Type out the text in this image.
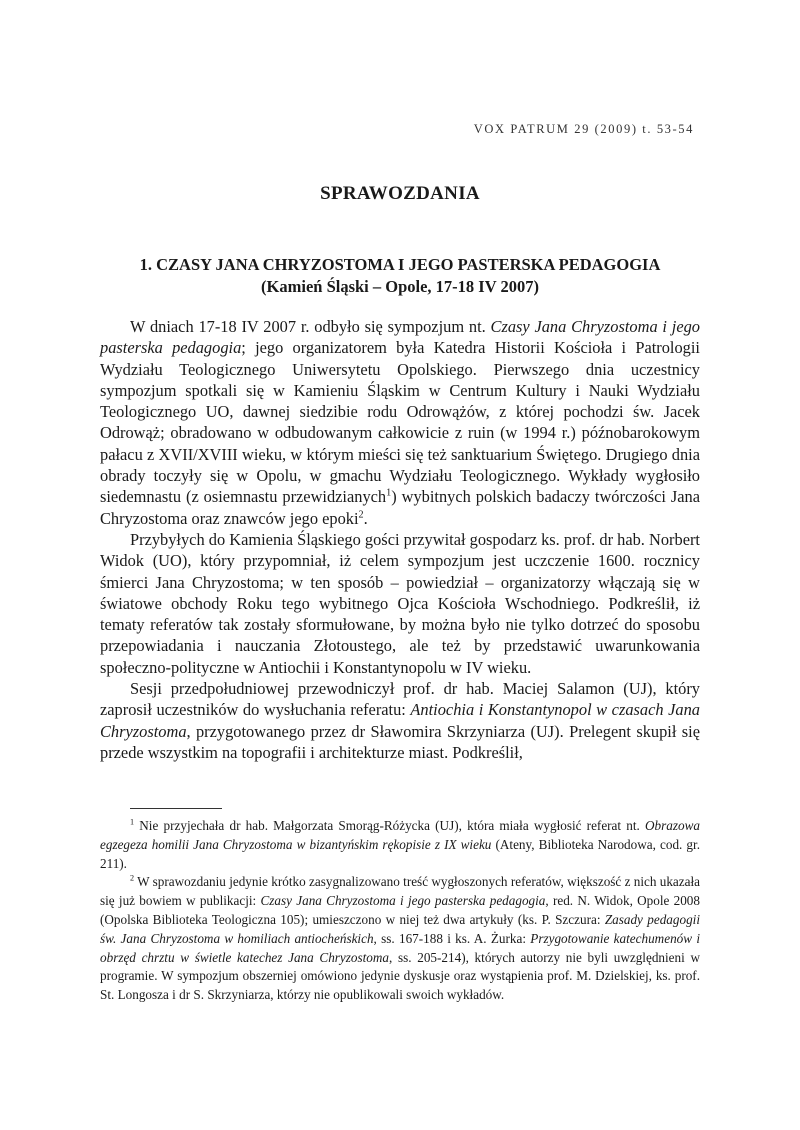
VOX PATRUM 29 (2009) t. 53-54
SPRAWOZDANIA
1. CZASY JANA CHRYZOSTOMA I JEGO PASTERSKA PEDAGOGIA
(Kamień Śląski – Opole, 17-18 IV 2007)

W dniach 17-18 IV 2007 r. odbyło się sympozjum nt. Czasy Jana Chryzostoma i jego pasterska pedagogia; jego organizatorem była Katedra Historii Kościoła i Patrologii Wydziału Teologicznego Uniwersytetu Opolskiego. Pierwszego dnia uczestnicy sympozjum spotkali się w Kamieniu Śląskim w Centrum Kultury i Nauki Wydziału Teologicznego UO, dawnej siedzibie rodu Odrowążów, z której pochodzi św. Jacek Odrowąż; obradowano w odbudowanym całkowicie z ruin (w 1994 r.) późnobarokowym pałacu z XVII/XVIII wieku, w którym mieści się też sanktuarium Świętego. Drugiego dnia obrady toczyły się w Opolu, w gmachu Wydziału Teologicznego. Wykłady wygłosiło siedemnastu (z osiemnastu przewidzianych$^1$) wybitnych polskich badaczy twórczości Jana Chryzostoma oraz znawców jego epoki$^2$.

Przybyłych do Kamienia Śląskiego gości przywitał gospodarz ks. prof. dr hab. Norbert Widok (UO), który przypomniał, iż celem sympozjum jest uczczenie 1600. rocznicy śmierci Jana Chryzostoma; w ten sposób – powiedział – organizatorzy włączają się w światowe obchody Roku tego wybitnego Ojca Kościoła Wschodniego. Podkreślił, iż tematy referatów tak zostały sformułowane, by można było nie tylko dotrzeć do sposobu przepowiadania i nauczania Złotoustego, ale też by przedstawić uwarunkowania społeczno-polityczne w Antiochii i Konstantynopolu w IV wieku.

Sesji przedpołudniowej przewodniczył prof. dr hab. Maciej Salamon (UJ), który zaprosił uczestników do wysłuchania referatu: Antiochia i Konstantynopol w czasach Jana Chryzostoma, przygotowanego przez dr Sławomira Skrzyniarza (UJ). Prelegent skupił się przede wszystkim na topografii i architekturze miast. Podkreślił,

$^1$ Nie przyjechała dr hab. Małgorzata Smorąg-Różycka (UJ), która miała wygłosić referat nt. Obrazowa egzegeza homilii Jana Chryzostoma w bizantyńskim rękopisie z IX wieku (Ateny, Biblioteka Narodowa, cod. gr. 211).

$^2$ W sprawozdaniu jedynie krótko zasygnalizowano treść wygłoszonych referatów, większość z nich ukazała się już bowiem w publikacji: Czasy Jana Chryzostoma i jego pasterska pedagogia, red. N. Widok, Opole 2008 (Opolska Biblioteka Teologiczna 105); umieszczono w niej też dwa artykuły (ks. P. Szczura: Zasady pedagogii św. Jana Chryzostoma w homiliach antiocheńskich, ss. 167-188 i ks. A. Żurka: Przygotowanie katechumenów i obrzęd chrztu w świetle katechez Jana Chryzostoma, ss. 205-214), których autorzy nie byli uwzględnieni w programie. W sympozjum obszerniej omówiono jedynie dyskusje oraz wystąpienia prof. M. Dzielskiej, ks. prof. St. Longosza i dr S. Skrzyniarza, którzy nie opublikowali swoich wykładów.
